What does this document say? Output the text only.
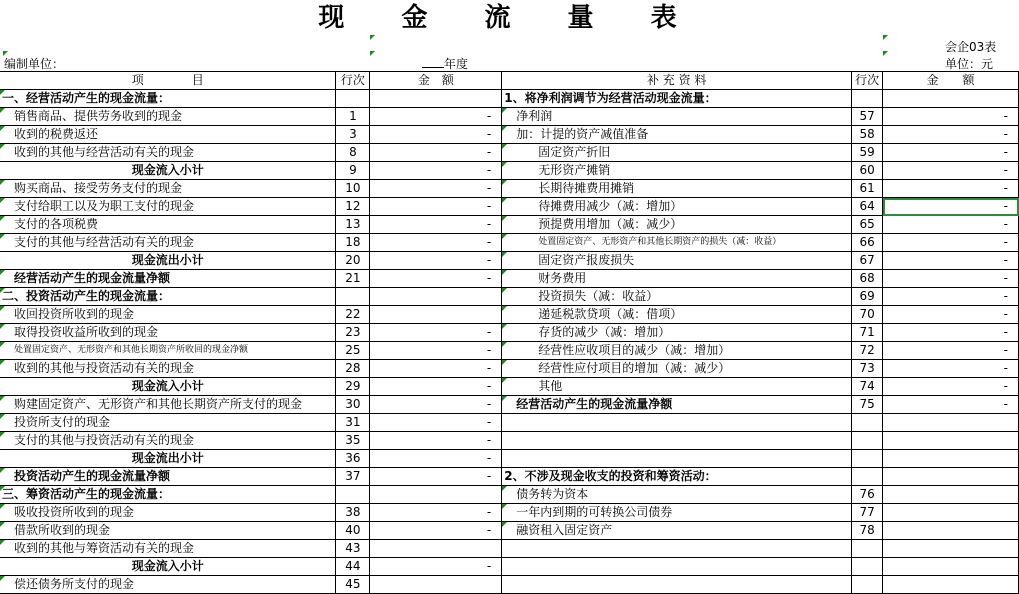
现 金 流 量 表
会企03表
编制单位：	年度	单位：元
项　　　　目	行次	金　额	补 充 资 料	行次	金　　额
一、经营活动产生的现金流量：			1、将净利润调节为经营活动现金流量：		
销售商品、提供劳务收到的现金	1	-	净利润	57	-
收到的税费返还	3	-	加：计提的资产减值准备	58	-
收到的其他与经营活动有关的现金	8	-	固定资产折旧	59	-
现金流入小计	9	-	无形资产摊销	60	-
购买商品、接受劳务支付的现金	10	-	长期待摊费用摊销	61	-
支付给职工以及为职工支付的现金	12	-	待摊费用减少（减：增加）	64	-
支付的各项税费	13	-	预提费用增加（减：减少）	65	-
支付的其他与经营活动有关的现金	18	-	处置固定资产、无形资产和其他长期资产的损失（减：收益）	66	-
现金流出小计	20	-	固定资产报废损失	67	-
经营活动产生的现金流量净额	21	-	财务费用	68	-
二、投资活动产生的现金流量：			投资损失（减：收益）	69	-
收回投资所收到的现金	22		递延税款贷项（减：借项）	70	-
取得投资收益所收到的现金	23	-	存货的减少（减：增加）	71	-
处置固定资产、无形资产和其他长期资产所收回的现金净额	25	-	经营性应收项目的减少（减：增加）	72	-
收到的其他与投资活动有关的现金	28	-	经营性应付项目的增加（减：减少）	73	-
现金流入小计	29	-	其他	74	-
购建固定资产、无形资产和其他长期资产所支付的现金	30	-	经营活动产生的现金流量净额	75	-
投资所支付的现金	31	-			
支付的其他与投资活动有关的现金	35	-			
现金流出小计	36	-			
投资活动产生的现金流量净额	37	-	2、不涉及现金收支的投资和筹资活动：		
三、筹资活动产生的现金流量：			债务转为资本	76	
吸收投资所收到的现金	38	-	一年内到期的可转换公司债券	77	
借款所收到的现金	40	-	融资租入固定资产	78	
收到的其他与筹资活动有关的现金	43				
现金流入小计	44	-			
偿还债务所支付的现金	45				
